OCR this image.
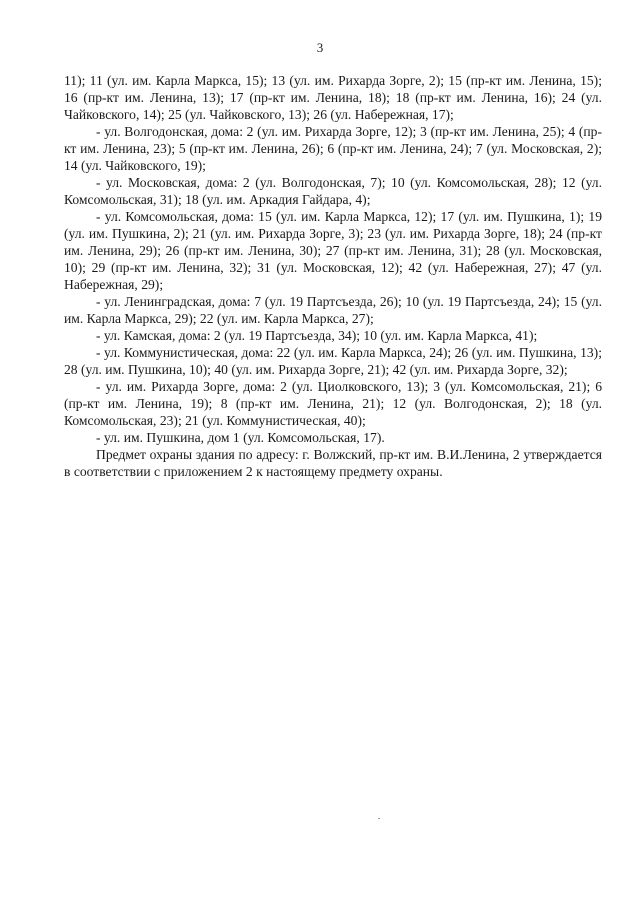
3

11); 11 (ул. им. Карла Маркса, 15); 13 (ул. им. Рихарда Зорге, 2); 15 (пр-кт им. Ленина, 15); 16 (пр-кт им. Ленина, 13); 17 (пр-кт им. Ленина, 18); 18 (пр-кт им. Ленина, 16); 24 (ул. Чайковского, 14); 25 (ул. Чайковского, 13); 26 (ул. Набережная, 17);

- ул. Волгодонская, дома: 2 (ул. им. Рихарда Зорге, 12); 3 (пр-кт им. Ленина, 25); 4 (пр-кт им. Ленина, 23); 5 (пр-кт им. Ленина, 26); 6 (пр-кт им. Ленина, 24); 7 (ул. Московская, 2); 14 (ул. Чайковского, 19);

- ул. Московская, дома: 2 (ул. Волгодонская, 7); 10 (ул. Комсомольская, 28); 12 (ул. Комсомольская, 31); 18 (ул. им. Аркадия Гайдара, 4);

- ул. Комсомольская, дома: 15 (ул. им. Карла Маркса, 12); 17 (ул. им. Пушкина, 1); 19 (ул. им. Пушкина, 2); 21 (ул. им. Рихарда Зорге, 3); 23 (ул. им. Рихарда Зорге, 18); 24 (пр-кт им. Ленина, 29); 26 (пр-кт им. Ленина, 30); 27 (пр-кт им. Ленина, 31); 28 (ул. Московская, 10); 29 (пр-кт им. Ленина, 32); 31 (ул. Московская, 12); 42 (ул. Набережная, 27); 47 (ул. Набережная, 29);

- ул. Ленинградская, дома: 7 (ул. 19 Партсъезда, 26); 10 (ул. 19 Партсъезда, 24); 15 (ул. им. Карла Маркса, 29); 22 (ул. им. Карла Маркса, 27);

- ул. Камская, дома: 2 (ул. 19 Партсъезда, 34); 10 (ул. им. Карла Маркса, 41);

- ул. Коммунистическая, дома: 22 (ул. им. Карла Маркса, 24); 26 (ул. им. Пушкина, 13); 28 (ул. им. Пушкина, 10); 40 (ул. им. Рихарда Зорге, 21); 42 (ул. им. Рихарда Зорге, 32);

- ул. им. Рихарда Зорге, дома: 2 (ул. Циолковского, 13); 3 (ул. Комсомольская, 21); 6 (пр-кт им. Ленина, 19); 8 (пр-кт им. Ленина, 21); 12 (ул. Волгодонская, 2); 18 (ул. Комсомольская, 23); 21 (ул. Коммунистическая, 40);

- ул. им. Пушкина, дом 1 (ул. Комсомольская, 17).

Предмет охраны здания по адресу: г. Волжский, пр-кт им. В.И.Ленина, 2 утверждается в соответствии с приложением 2 к настоящему предмету охраны.
